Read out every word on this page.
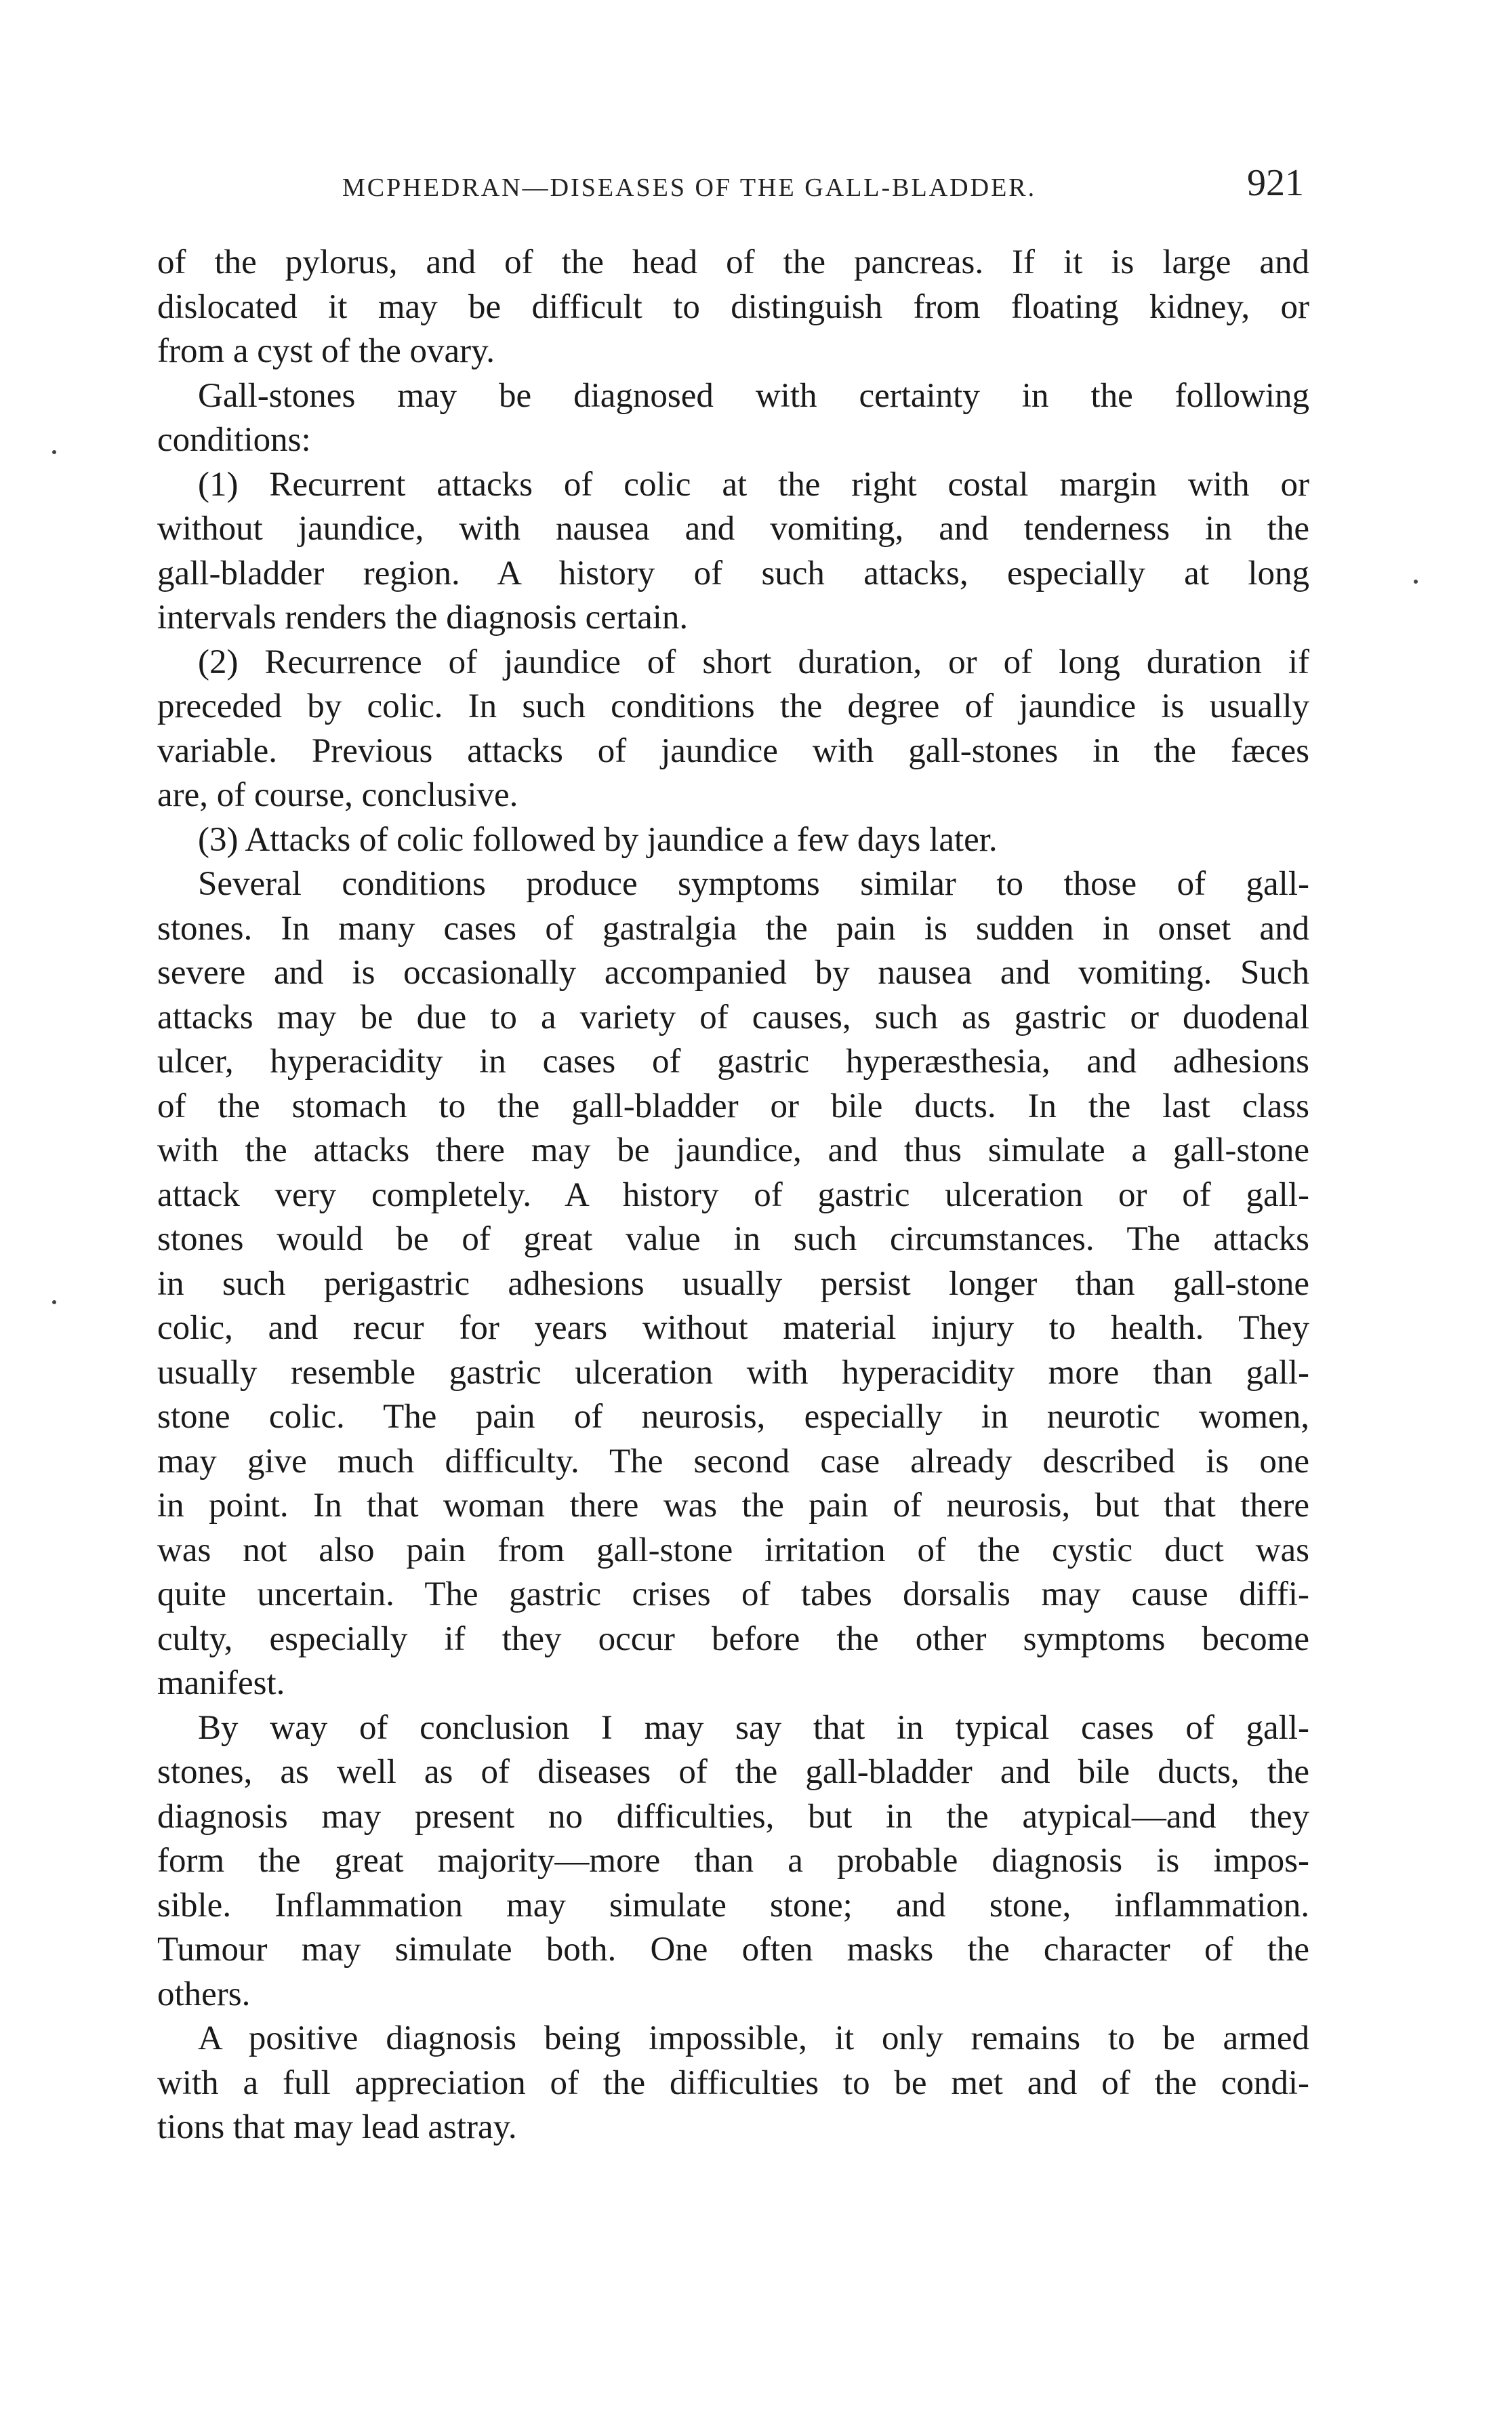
MCPHEDRAN—DISEASES OF THE GALL-BLADDER.	921
of the pylorus, and of the head of the pancreas. If it is large and
dislocated it may be difficult to distinguish from floating kidney, or
from a cyst of the ovary.
Gall-stones may be diagnosed with certainty in the following
conditions:
(1) Recurrent attacks of colic at the right costal margin with or
without jaundice, with nausea and vomiting, and tenderness in the
gall-bladder region. A history of such attacks, especially at long
intervals renders the diagnosis certain.
(2) Recurrence of jaundice of short duration, or of long duration if
preceded by colic. In such conditions the degree of jaundice is usually
variable. Previous attacks of jaundice with gall-stones in the fæces
are, of course, conclusive.
(3) Attacks of colic followed by jaundice a few days later.
Several conditions produce symptoms similar to those of gall-
stones. In many cases of gastralgia the pain is sudden in onset and
severe and is occasionally accompanied by nausea and vomiting. Such
attacks may be due to a variety of causes, such as gastric or duodenal
ulcer, hyperacidity in cases of gastric hyperæsthesia, and adhesions
of the stomach to the gall-bladder or bile ducts. In the last class
with the attacks there may be jaundice, and thus simulate a gall-stone
attack very completely. A history of gastric ulceration or of gall-
stones would be of great value in such circumstances. The attacks
in such perigastric adhesions usually persist longer than gall-stone
colic, and recur for years without material injury to health. They
usually resemble gastric ulceration with hyperacidity more than gall-
stone colic. The pain of neurosis, especially in neurotic women,
may give much difficulty. The second case already described is one
in point. In that woman there was the pain of neurosis, but that there
was not also pain from gall-stone irritation of the cystic duct was
quite uncertain. The gastric crises of tabes dorsalis may cause diffi-
culty, especially if they occur before the other symptoms become
manifest.
By way of conclusion I may say that in typical cases of gall-
stones, as well as of diseases of the gall-bladder and bile ducts, the
diagnosis may present no difficulties, but in the atypical—and they
form the great majority—more than a probable diagnosis is impos-
sible. Inflammation may simulate stone; and stone, inflammation.
Tumour may simulate both. One often masks the character of the
others.
A positive diagnosis being impossible, it only remains to be armed
with a full appreciation of the difficulties to be met and of the condi-
tions that may lead astray.
